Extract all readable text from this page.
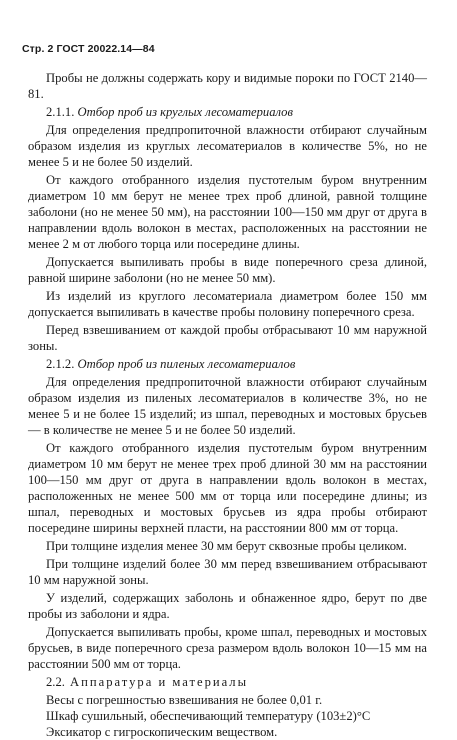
Стр. 2 ГОСТ 20022.14—84

Пробы не должны содержать кору и видимые пороки по ГОСТ 2140—81.

2.1.1. Отбор проб из круглых лесоматериалов

Для определения предпропиточной влажности отбирают случайным образом изделия из круглых лесоматериалов в количестве 5%, но не менее 5 и не более 50 изделий.

От каждого отобранного изделия пустотелым буром внутренним диаметром 10 мм берут не менее трех проб длиной, равной толщине заболони (но не менее 50 мм), на расстоянии 100—150 мм друг от друга в направлении вдоль волокон в местах, расположенных на расстоянии не менее 2 м от любого торца или посередине длины.

Допускается выпиливать пробы в виде поперечного среза длиной, равной ширине заболони (но не менее 50 мм).

Из изделий из круглого лесоматериала диаметром более 150 мм допускается выпиливать в качестве пробы половину поперечного среза.

Перед взвешиванием от каждой пробы отбрасывают 10 мм наружной зоны.

2.1.2. Отбор проб из пиленых лесоматериалов

Для определения предпропиточной влажности отбирают случайным образом изделия из пиленых лесоматериалов в количестве 3%, но не менее 5 и не более 15 изделий; из шпал, переводных и мостовых брусьев — в количестве не менее 5 и не более 50 изделий.

От каждого отобранного изделия пустотелым буром внутренним диаметром 10 мм берут не менее трех проб длиной 30 мм на расстоянии 100—150 мм друг от друга в направлении вдоль волокон в местах, расположенных не менее 500 мм от торца или посередине длины; из шпал, переводных и мостовых брусьев из ядра пробы отбирают посередине ширины верхней пласти, на расстоянии 800 мм от торца.

При толщине изделия менее 30 мм берут сквозные пробы целиком.

При толщине изделий более 30 мм перед взвешиванием отбрасывают 10 мм наружной зоны.

У изделий, содержащих заболонь и обнаженное ядро, берут по две пробы из заболони и ядра.

Допускается выпиливать пробы, кроме шпал, переводных и мостовых брусьев, в виде поперечного среза размером вдоль волокон 10—15 мм на расстоянии 500 мм от торца.

2.2. Аппаратура и материалы

Весы с погрешностью взвешивания не более 0,01 г.

Шкаф сушильный, обеспечивающий температуру (103±2)°С

Эксикатор с гигроскопическим веществом.
